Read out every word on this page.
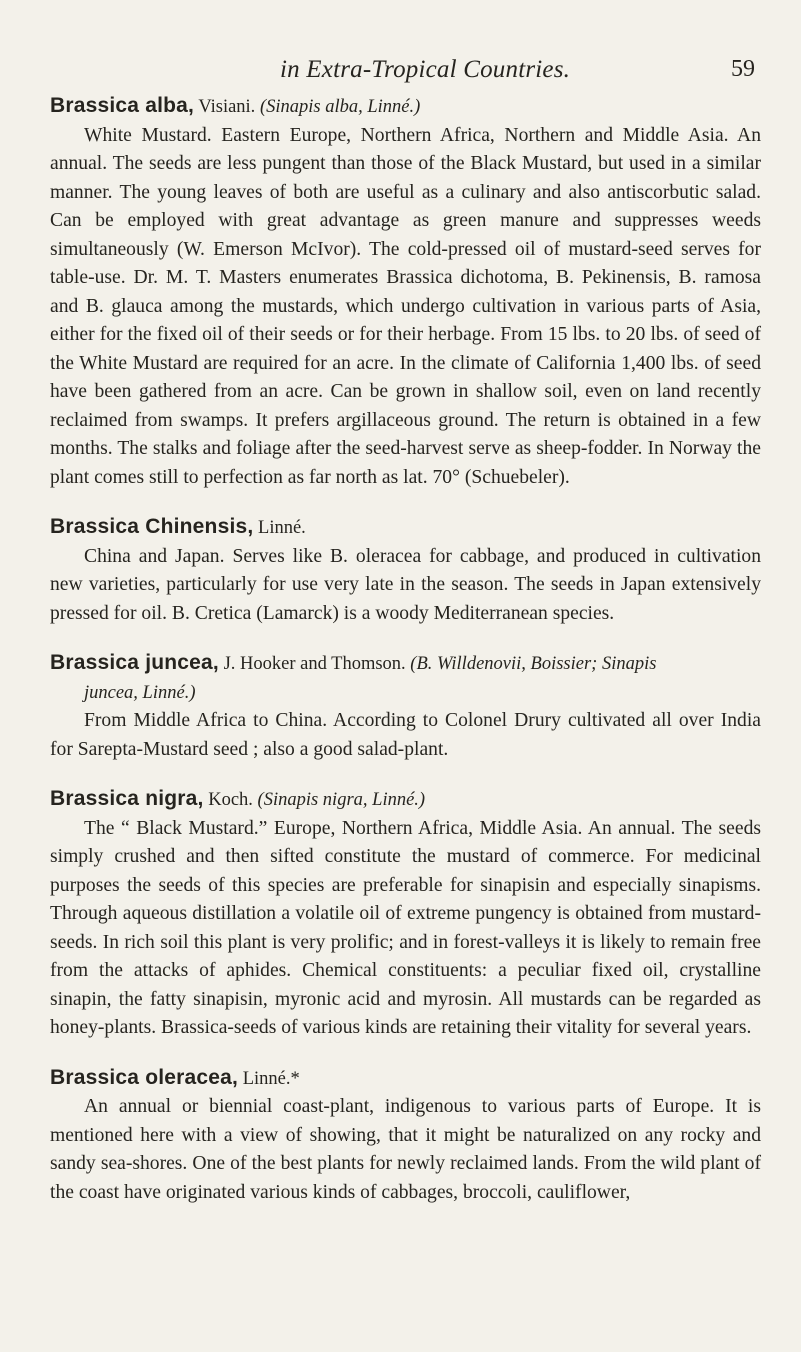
in Extra-Tropical Countries.	59

Brassica alba, Visiani. (Sinapis alba, Linné.)

White Mustard. Eastern Europe, Northern Africa, Northern and Middle Asia. An annual. The seeds are less pungent than those of the Black Mustard, but used in a similar manner. The young leaves of both are useful as a culinary and also antiscorbutic salad. Can be employed with great advantage as green manure and suppresses weeds simultaneously (W. Emerson McIvor). The cold-pressed oil of mustard-seed serves for table-use. Dr. M. T. Masters enumerates Brassica dichotoma, B. Pekinensis, B. ramosa and B. glauca among the mustards, which undergo cultivation in various parts of Asia, either for the fixed oil of their seeds or for their herbage. From 15 lbs. to 20 lbs. of seed of the White Mustard are required for an acre. In the climate of California 1,400 lbs. of seed have been gathered from an acre. Can be grown in shallow soil, even on land recently reclaimed from swamps. It prefers argillaceous ground. The return is obtained in a few months. The stalks and foliage after the seed-harvest serve as sheep-fodder. In Norway the plant comes still to perfection as far north as lat. 70° (Schuebeler).

Brassica Chinensis, Linné.

China and Japan. Serves like B. oleracea for cabbage, and produced in cultivation new varieties, particularly for use very late in the season. The seeds in Japan extensively pressed for oil. B. Cretica (Lamarck) is a woody Mediterranean species.

Brassica juncea, J. Hooker and Thomson. (B. Willdenovii, Boissier; Sinapis
juncea, Linné.)

From Middle Africa to China. According to Colonel Drury cultivated all over India for Sarepta-Mustard seed ; also a good salad-plant.

Brassica nigra, Koch. (Sinapis nigra, Linné.)

The “ Black Mustard.” Europe, Northern Africa, Middle Asia. An annual. The seeds simply crushed and then sifted constitute the mustard of commerce. For medicinal purposes the seeds of this species are preferable for sinapisin and especially sinapisms. Through aqueous distillation a volatile oil of extreme pungency is obtained from mustard-seeds. In rich soil this plant is very prolific; and in forest-valleys it is likely to remain free from the attacks of aphides. Chemical constituents: a peculiar fixed oil, crystalline sinapin, the fatty sinapisin, myronic acid and myrosin. All mustards can be regarded as honey-plants. Brassica-seeds of various kinds are retaining their vitality for several years.

Brassica oleracea, Linné.*

An annual or biennial coast-plant, indigenous to various parts of Europe. It is mentioned here with a view of showing, that it might be naturalized on any rocky and sandy sea-shores. One of the best plants for newly reclaimed lands. From the wild plant of the coast have originated various kinds of cabbages, broccoli, cauliflower,
